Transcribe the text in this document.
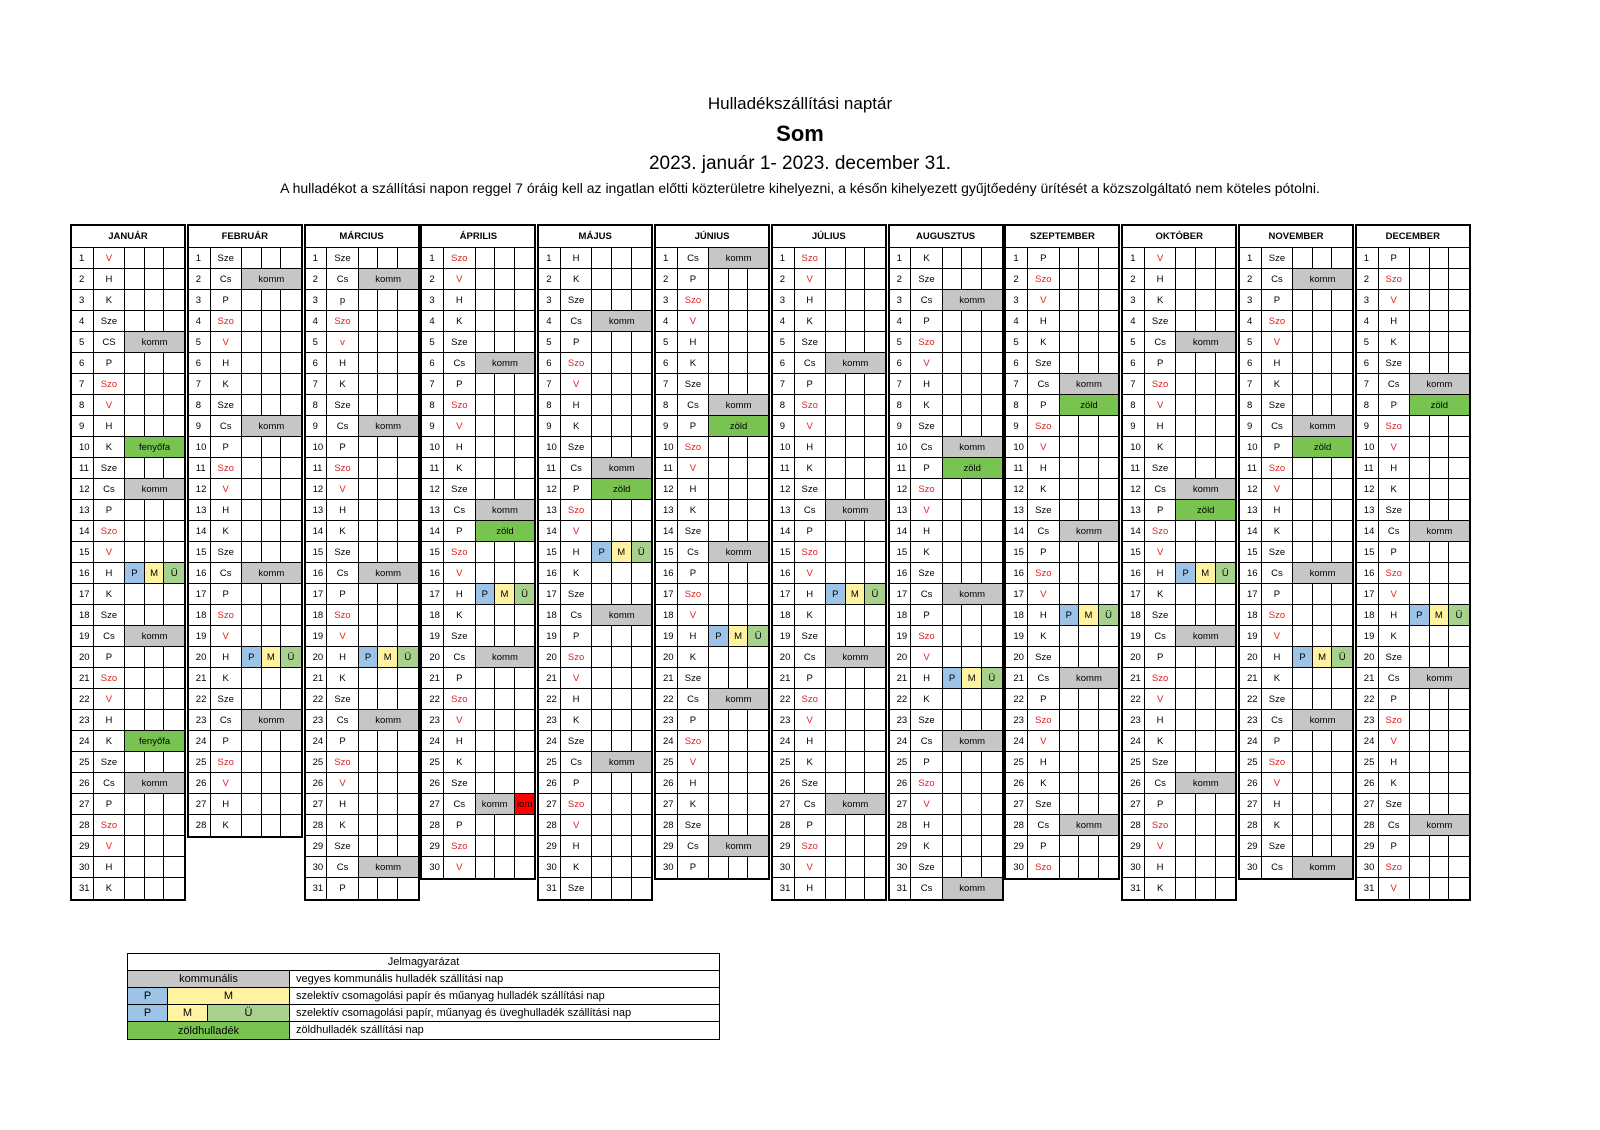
Hulladékszállítási naptár
Som
2023. január 1- 2023. december 31.
A hulladékot a szállítási napon reggel 7 óráig kell az ingatlan előtti közterületre kihelyezni, a későn kihelyezett gyűjtőedény ürítését a közszolgáltató nem köteles pótolni.
JANUÁR
1	V
2	H
3	K
4	Sze
5	CS	komm
6	P
7	Szo
8	V
9	H
10	K	fenyőfa
11	Sze
12	Cs	komm
13	P
14	Szo
15	V
16	H	P	M	Ü
17	K
18	Sze
19	Cs	komm
20	P
21	Szo
22	V
23	H
24	K	fenyőfa
25	Sze
26	Cs	komm
27	P
28	Szo
29	V
30	H
31	K
FEBRUÁR
1	Sze
2	Cs	komm
3	P
4	Szo
5	V
6	H
7	K
8	Sze
9	Cs	komm
10	P
11	Szo
12	V
13	H
14	K
15	Sze
16	Cs	komm
17	P
18	Szo
19	V
20	H	P	M	Ü
21	K
22	Sze
23	Cs	komm
24	P
25	Szo
26	V
27	H
28	K
MÁRCIUS
1	Sze
2	Cs	komm
3	p
4	Szo
5	v
6	H
7	K
8	Sze
9	Cs	komm
10	P
11	Szo
12	V
13	H
14	K
15	Sze
16	Cs	komm
17	P
18	Szo
19	V
20	H	P	M	Ü
21	K
22	Sze
23	Cs	komm
24	P
25	Szo
26	V
27	H
28	K
29	Sze
30	Cs	komm
31	P
ÁPRILIS
1	Szo
2	V
3	H
4	K
5	Sze
6	Cs	komm
7	P
8	Szo
9	V
10	H
11	K
12	Sze
13	Cs	komm
14	P	zöld
15	Szo
16	V
17	H	P	M	Ü
18	K
19	Sze
20	Cs	komm
21	P
22	Szo
23	V
24	H
25	K
26	Sze
27	Cs	komm lom
28	P
29	Szo
30	V
MÁJUS
1	H
2	K
3	Sze
4	Cs	komm
5	P
6	Szo
7	V
8	H
9	K
10	Sze
11	Cs	komm
12	P	zöld
13	Szo
14	V
15	H	P	M	Ü
16	K
17	Sze
18	Cs	komm
19	P
20	Szo
21	V
22	H
23	K
24	Sze
25	Cs	komm
26	P
27	Szo
28	V
29	H
30	K
31	Sze
JÚNIUS
1	Cs	komm
2	P
3	Szo
4	V
5	H
6	K
7	Sze
8	Cs	komm
9	P	zöld
10	Szo
11	V
12	H
13	K
14	Sze
15	Cs	komm
16	P
17	Szo
18	V
19	H	P	M	Ü
20	K
21	Sze
22	Cs	komm
23	P
24	Szo
25	V
26	H
27	K
28	Sze
29	Cs	komm
30	P
JÚLIUS
1	Szo
2	V
3	H
4	K
5	Sze
6	Cs	komm
7	P
8	Szo
9	V
10	H
11	K
12	Sze
13	Cs	komm
14	P
15	Szo
16	V
17	H	P	M	Ü
18	K
19	Sze
20	Cs	komm
21	P
22	Szo
23	V
24	H
25	K
26	Sze
27	Cs	komm
28	P
29	Szo
30	V
31	H
AUGUSZTUS
1	K
2	Sze
3	Cs	komm
4	P
5	Szo
6	V
7	H
8	K
9	Sze
10	Cs	komm
11	P	zöld
12	Szo
13	V
14	H
15	K
16	Sze
17	Cs	komm
18	P
19	Szo
20	V
21	H	P	M	Ü
22	K
23	Sze
24	Cs	komm
25	P
26	Szo
27	V
28	H
29	K
30	Sze
31	Cs	komm
SZEPTEMBER
1	P
2	Szo
3	V
4	H
5	K
6	Sze
7	Cs	komm
8	P	zöld
9	Szo
10	V
11	H
12	K
13	Sze
14	Cs	komm
15	P
16	Szo
17	V
18	H	P	M	Ü
19	K
20	Sze
21	Cs	komm
22	P
23	Szo
24	V
25	H
26	K
27	Sze
28	Cs	komm
29	P
30	Szo
OKTÓBER
1	V
2	H
3	K
4	Sze
5	Cs	komm
6	P
7	Szo
8	V
9	H
10	K
11	Sze
12	Cs	komm
13	P	zöld
14	Szo
15	V
16	H	P	M	Ü
17	K
18	Sze
19	Cs	komm
20	P
21	Szo
22	V
23	H
24	K
25	Sze
26	Cs	komm
27	P
28	Szo
29	V
30	H
31	K
NOVEMBER
1	Sze
2	Cs	komm
3	P
4	Szo
5	V
6	H
7	K
8	Sze
9	Cs	komm
10	P	zöld
11	Szo
12	V
13	H
14	K
15	Sze
16	Cs	komm
17	P
18	Szo
19	V
20	H	P	M	Ü
21	K
22	Sze
23	Cs	komm
24	P
25	Szo
26	V
27	H
28	K
29	Sze
30	Cs	komm
DECEMBER
1	P
2	Szo
3	V
4	H
5	K
6	Sze
7	Cs	komm
8	P	zöld
9	Szo
10	V
11	H
12	K
13	Sze
14	Cs	komm
15	P
16	Szo
17	V
18	H	P	M	Ü
19	K
20	Sze
21	Cs	komm
22	P
23	Szo
24	V
25	H
26	K
27	Sze
28	Cs	komm
29	P
30	Szo
31	V
Jelmagyarázat
kommunális	vegyes kommunális hulladék szállítási nap
P	M	szelektív csomagolási papír és műanyag hulladék szállítási nap
P	M	Ü	szelektív csomagolási papír, műanyag és üveghulladék szállítási nap
zöldhulladék	zöldhulladék szállítási nap
